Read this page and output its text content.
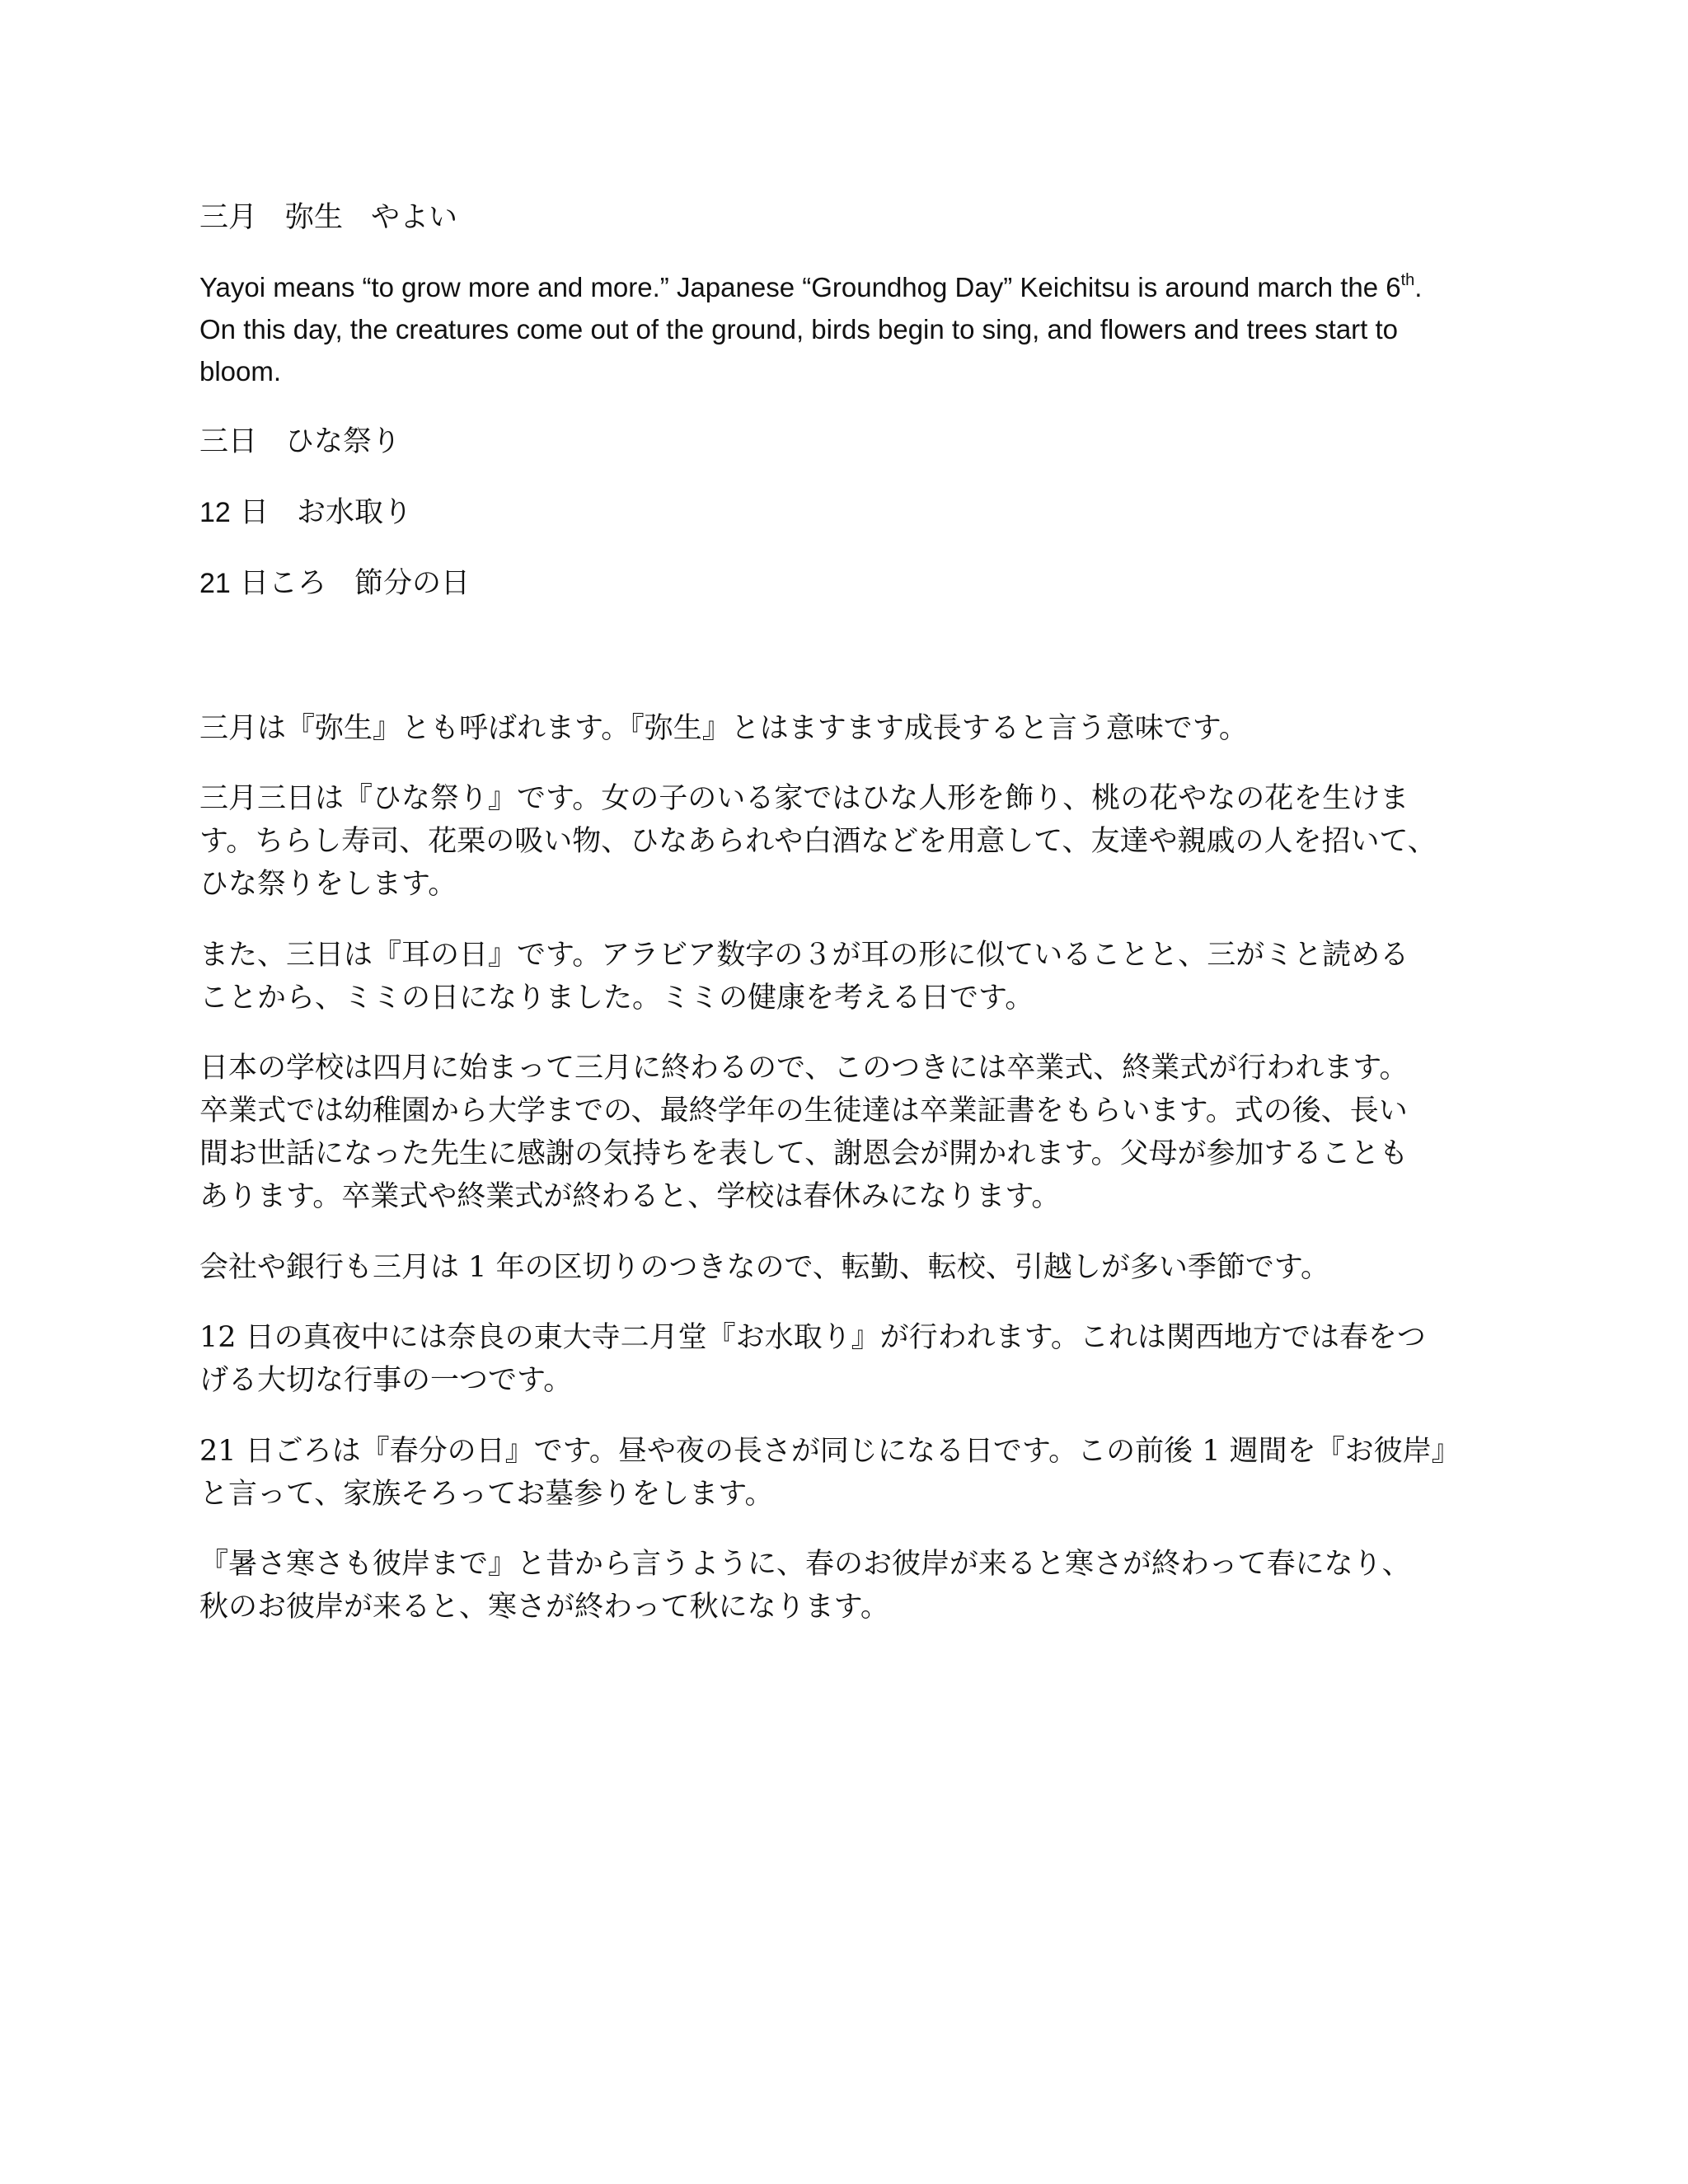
三月 弥生 やよい

Yayoi means “to grow more and more.” Japanese “Groundhog Day” Keichitsu is around march the 6th.

On this day, the creatures come out of the ground, birds begin to sing, and flowers and trees start to

bloom.

三日 ひな祭り

12 日 お水取り

21 日ころ 節分の日

三月は『弥生』とも呼ばれます。『弥生』とはますます成長すると言う意味です。

三月三日は『ひな祭り』です。女の子のいる家ではひな人形を飾り、桃の花やなの花を生けま

す。ちらし寿司、花栗の吸い物、ひなあられや白酒などを用意して、友達や親戚の人を招いて、

ひな祭りをします。

また、三日は『耳の日』です。アラビア数字の３が耳の形に似ていることと、三がミと読める

ことから、ミミの日になりました。ミミの健康を考える日です。

日本の学校は四月に始まって三月に終わるので、このつきには卒業式、終業式が行われます。

卒業式では幼稚園から大学までの、最終学年の生徒達は卒業証書をもらいます。式の後、長い

間お世話になった先生に感謝の気持ちを表して、謝恩会が開かれます。父母が参加することも

あります。卒業式や終業式が終わると、学校は春休みになります。

会社や銀行も三月は 1 年の区切りのつきなので、転勤、転校、引越しが多い季節です。

12 日の真夜中には奈良の東大寺二月堂『お水取り』が行われます。これは関西地方では春をつ

げる大切な行事の一つです。

21 日ごろは『春分の日』です。昼や夜の長さが同じになる日です。この前後 1 週間を『お彼岸』

と言って、家族そろってお墓参りをします。

『暑さ寒さも彼岸まで』と昔から言うように、春のお彼岸が来ると寒さが終わって春になり、

秋のお彼岸が来ると、寒さが終わって秋になります。
